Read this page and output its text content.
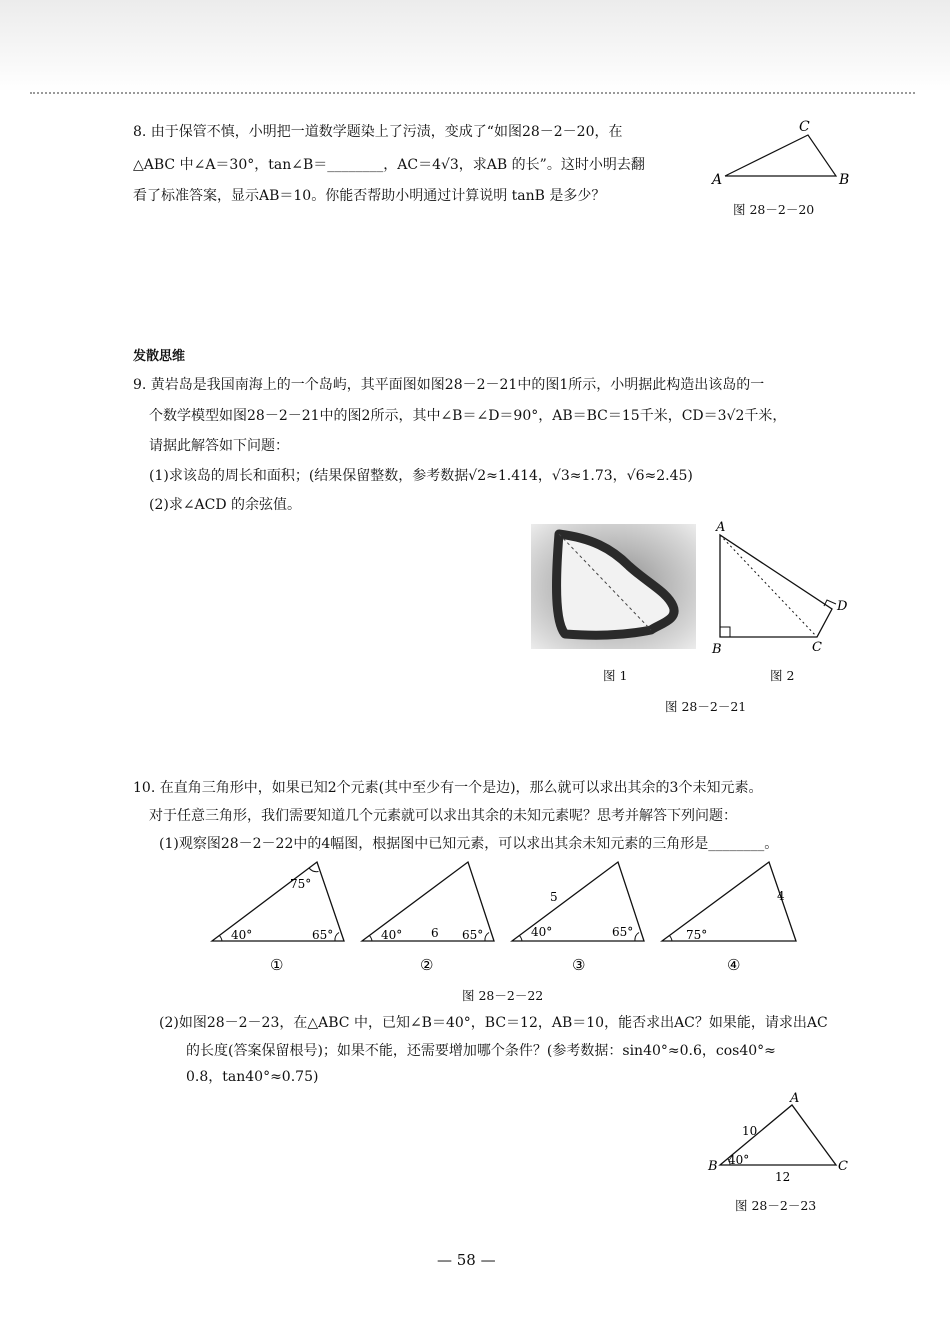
8. 由于保管不慎，小明把一道数学题染上了污渍，变成了“如图28－2－20，在
△ABC 中∠A＝30°，tan∠B＝________，AC＝4√3，求AB 的长”。这时小明去翻
看了标准答案，显示AB＝10。你能否帮助小明通过计算说明 tanB 是多少？
A	B
C
图 28－2－20
发散思维
9. 黄岩岛是我国南海上的一个岛屿，其平面图如图28－2－21中的图1所示，小明据此构造出该岛的一
个数学模型如图28－2－21中的图2所示，其中∠B＝∠D＝90°，AB＝BC＝15千米，CD＝3√2千米，
请据此解答如下问题：
(1)求该岛的周长和面积；(结果保留整数，参考数据√2≈1.414，√3≈1.73，√6≈2.45)
(2)求∠ACD 的余弦值。
A
B	C
D
图 1	图 2
图 28－2－21
10. 在直角三角形中，如果已知2个元素(其中至少有一个是边)，那么就可以求出其余的3个未知元素。
对于任意三角形，我们需要知道几个元素就可以求出其余的未知元素呢？思考并解答下列问题：
(1)观察图28－2－22中的4幅图，根据图中已知元素，可以求出其余未知元素的三角形是________。
75°
40°	65°
①
40° 6 65°
②
5
40°	65°
③
4
75°
④
图 28－2－22
(2)如图28－2－23，在△ABC 中，已知∠B＝40°，BC＝12，AB＝10，能否求出AC？如果能，请求出AC
的长度(答案保留根号)；如果不能，还需要增加哪个条件？(参考数据：sin40°≈0.6，cos40°≈
0.8，tan40°≈0.75)
A
B	C
10
12
40°
图 28－2－23
— 58 —
